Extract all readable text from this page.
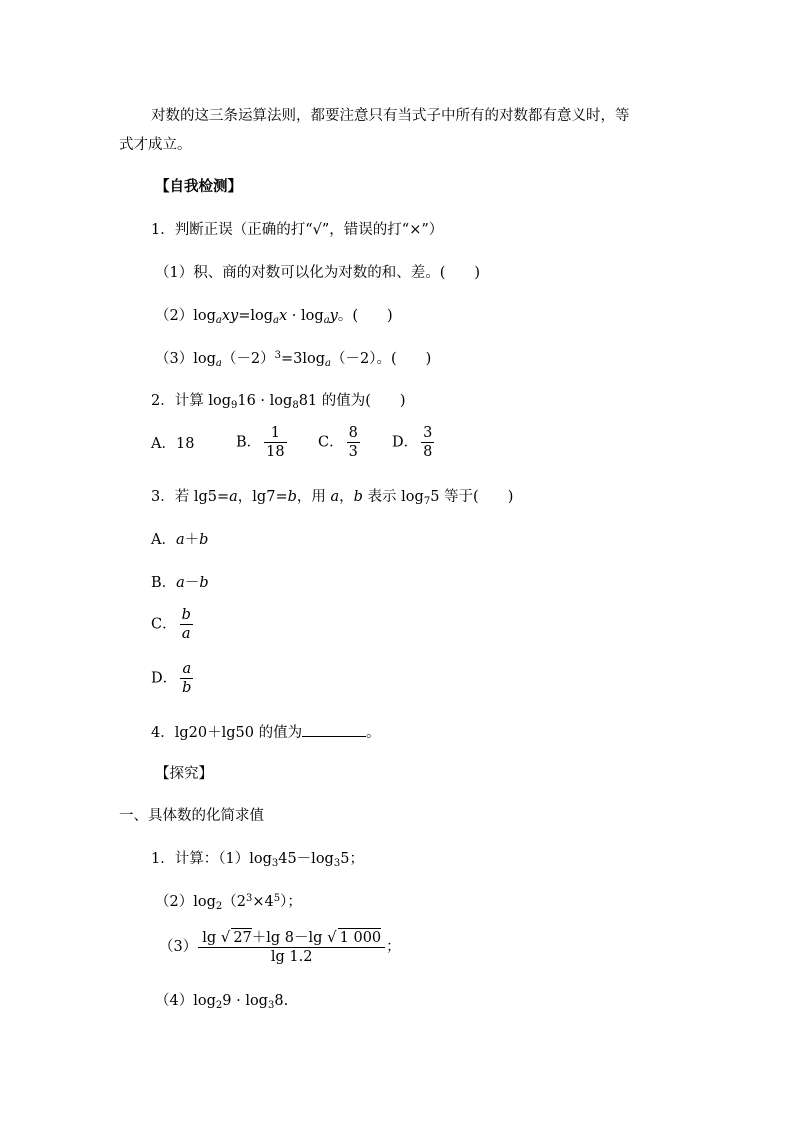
对数的这三条运算法则，都要注意只有当式子中所有的对数都有意义时，等
式才成立。
【自我检测】
1．判断正误（正确的打“√”，错误的打“×”）
（1）积、商的对数可以化为对数的和、差。(　　)
$(2)\log_axy=\log_ax \cdot \log_ay$。(　　)
$(3)\log_a(-2)^3=3\log_a(-2)$。(　　)
2．计算 $\log_916 \cdot \log_881$ 的值为(　　)
A．18	B． $\frac{1}{18}$ C． $\frac{8}{3}$ D． $\frac{3}{8}$
3．若 lg5=a，lg7=b，用 a，b 表示 $\log_75$ 等于(　　)
A．a＋b
B．a－b
C． $\frac{b}{a}$
D． $\frac{a}{b}$
4．lg20＋lg50 的值为	。
【探究】
一、具体数的化简求值
1．计算：$(1)\log_345-\log_35$；
$(2)\log_2(2^3\times 4^5)$；
$(3) \frac{\lg √ 27+\lg 8-\lg √ 1 000}{\lg 1.2}$ ；
$(4)\log_29 \cdot \log_38$.
